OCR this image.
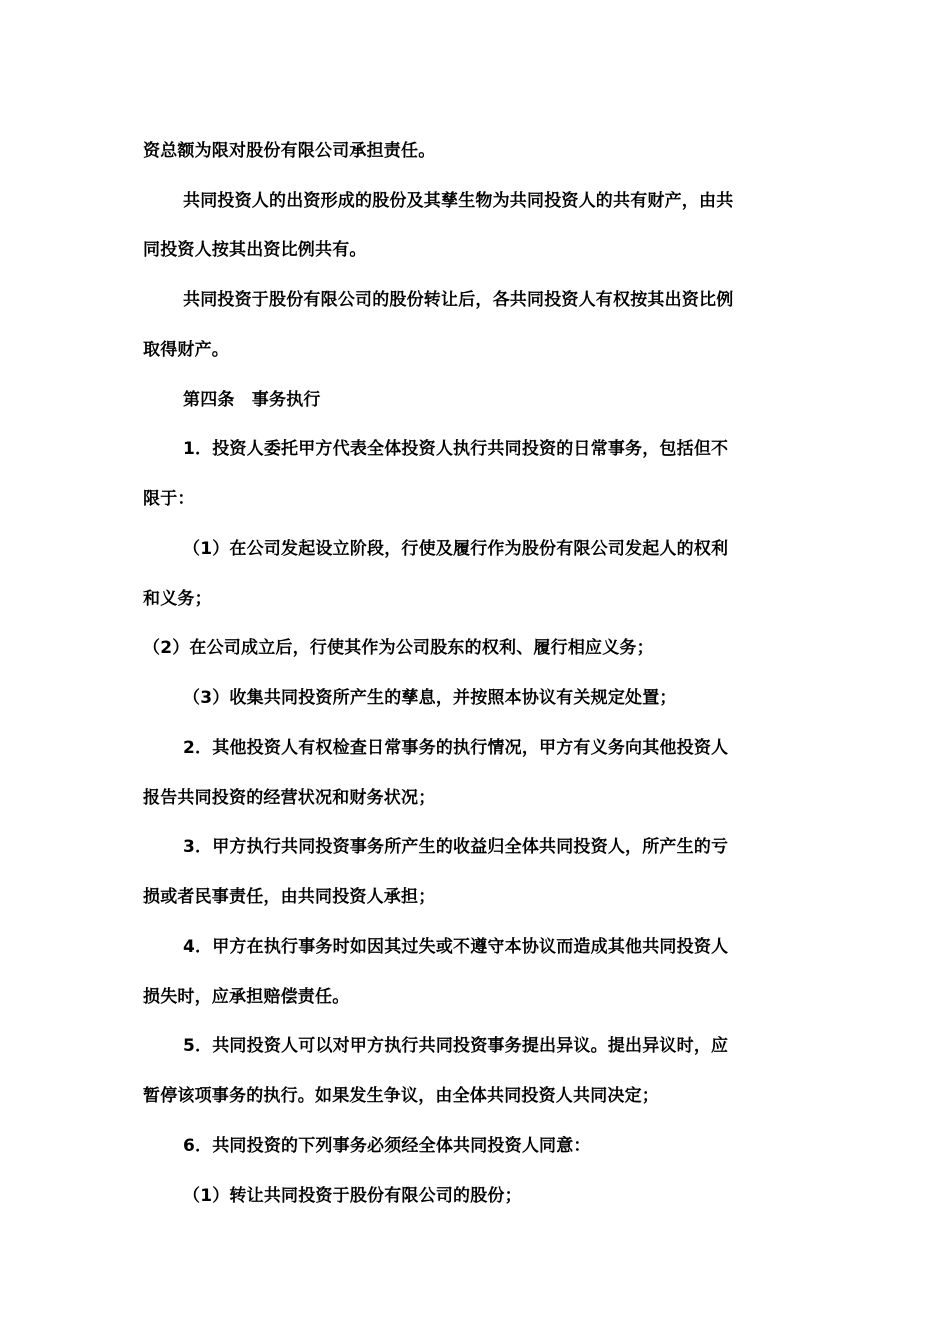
资总额为限对股份有限公司承担责任。

共同投资人的出资形成的股份及其孳生物为共同投资人的共有财产，由共

同投资人按其出资比例共有。

共同投资于股份有限公司的股份转让后，各共同投资人有权按其出资比例

取得财产。

第四条　事务执行

1．投资人委托甲方代表全体投资人执行共同投资的日常事务，包括但不

限于：

（1）在公司发起设立阶段，行使及履行作为股份有限公司发起人的权利

和义务；

（2）在公司成立后，行使其作为公司股东的权利、履行相应义务；

（3）收集共同投资所产生的孳息，并按照本协议有关规定处置；

2．其他投资人有权检查日常事务的执行情况，甲方有义务向其他投资人

报告共同投资的经营状况和财务状况；

3．甲方执行共同投资事务所产生的收益归全体共同投资人，所产生的亏

损或者民事责任，由共同投资人承担；

4．甲方在执行事务时如因其过失或不遵守本协议而造成其他共同投资人

损失时，应承担赔偿责任。

5．共同投资人可以对甲方执行共同投资事务提出异议。提出异议时，应

暂停该项事务的执行。如果发生争议，由全体共同投资人共同决定；

6．共同投资的下列事务必须经全体共同投资人同意：

（1）转让共同投资于股份有限公司的股份；
